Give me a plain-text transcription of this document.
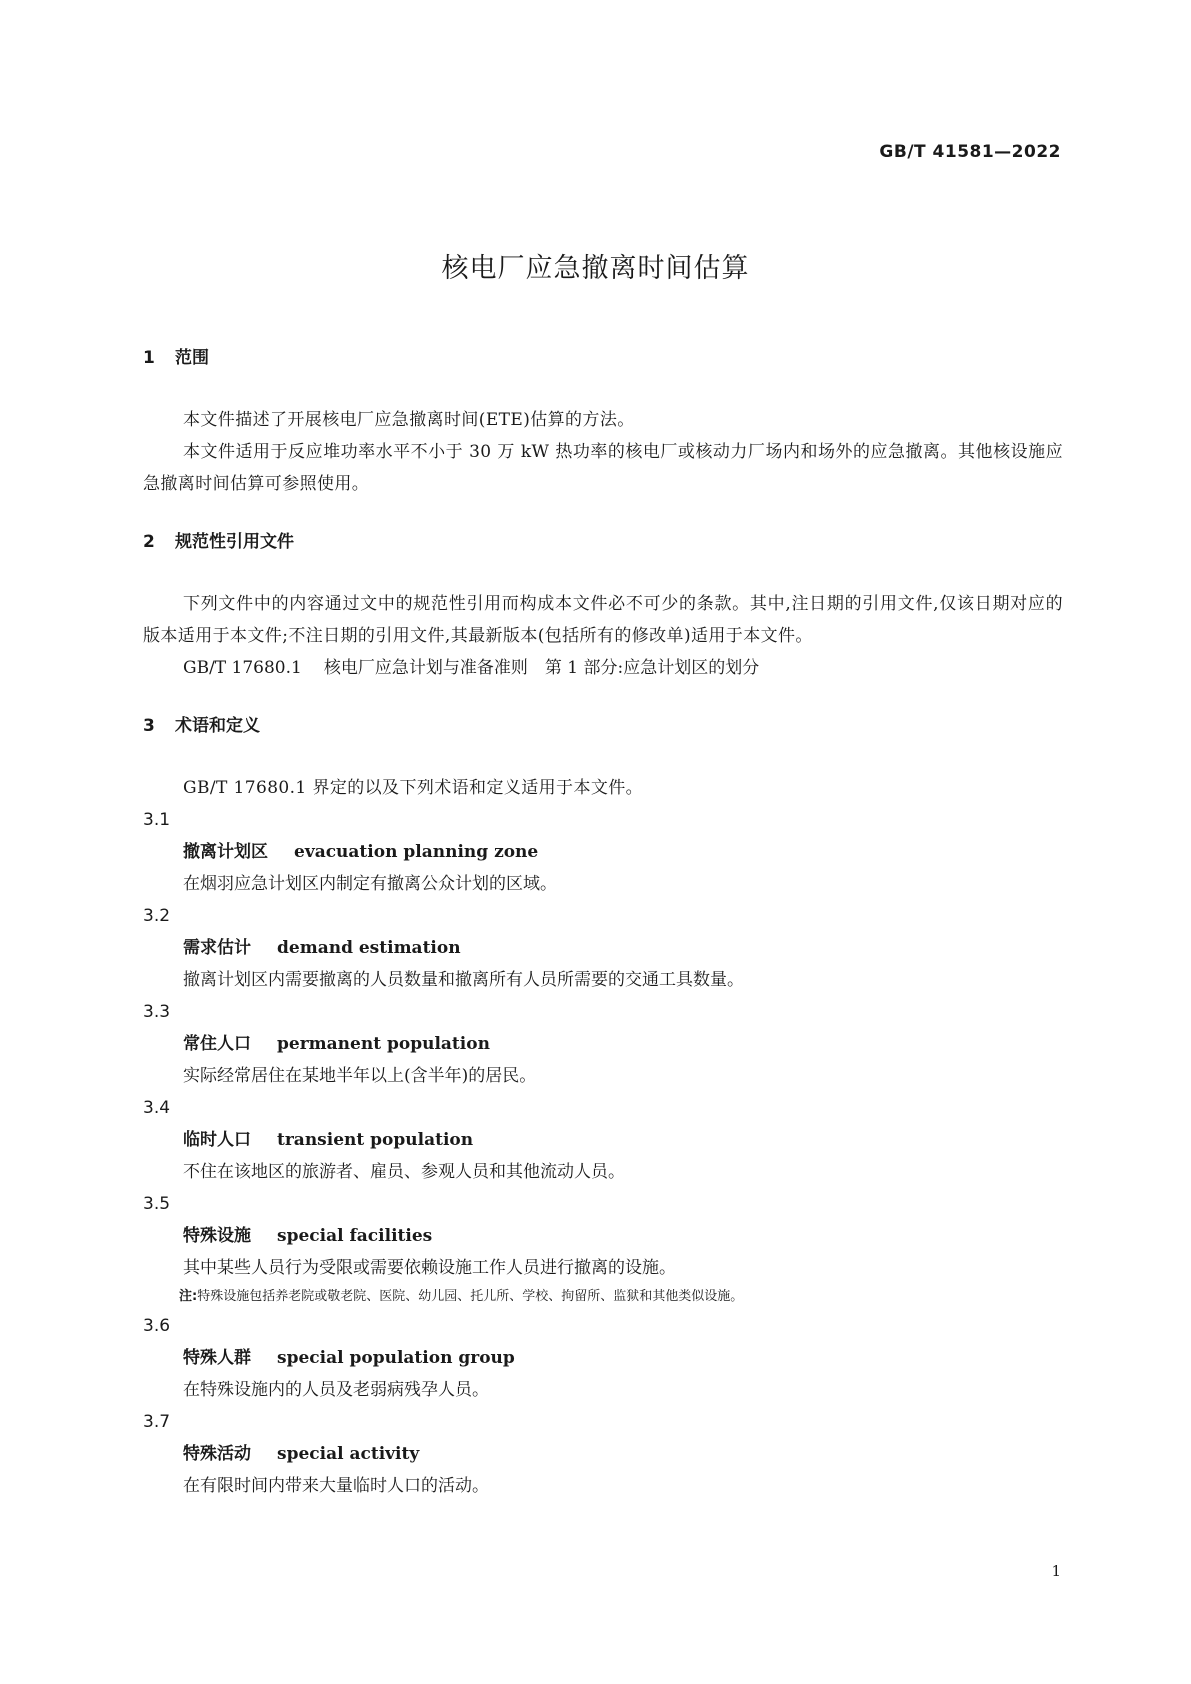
GB/T 41581—2022
核电厂应急撤离时间估算
1 范围
本文件描述了开展核电厂应急撤离时间(ETE)估算的方法。
本文件适用于反应堆功率水平不小于 30 万 kW 热功率的核电厂或核动力厂场内和场外的应急撤离。其他核设施应急撤离时间估算可参照使用。
2 规范性引用文件
下列文件中的内容通过文中的规范性引用而构成本文件必不可少的条款。其中,注日期的引用文件,仅该日期对应的版本适用于本文件;不注日期的引用文件,其最新版本(包括所有的修改单)适用于本文件。
GB/T 17680.1 核电厂应急计划与准备准则　第 1 部分:应急计划区的划分
3 术语和定义
GB/T 17680.1 界定的以及下列术语和定义适用于本文件。
3.1
撤离计划区 evacuation planning zone
在烟羽应急计划区内制定有撤离公众计划的区域。
3.2
需求估计 demand estimation
撤离计划区内需要撤离的人员数量和撤离所有人员所需要的交通工具数量。
3.3
常住人口 permanent population
实际经常居住在某地半年以上(含半年)的居民。
3.4
临时人口 transient population
不住在该地区的旅游者、雇员、参观人员和其他流动人员。
3.5
特殊设施 special facilities
其中某些人员行为受限或需要依赖设施工作人员进行撤离的设施。
注:特殊设施包括养老院或敬老院、医院、幼儿园、托儿所、学校、拘留所、监狱和其他类似设施。
3.6
特殊人群 special population group
在特殊设施内的人员及老弱病残孕人员。
3.7
特殊活动 special activity
在有限时间内带来大量临时人口的活动。
1
